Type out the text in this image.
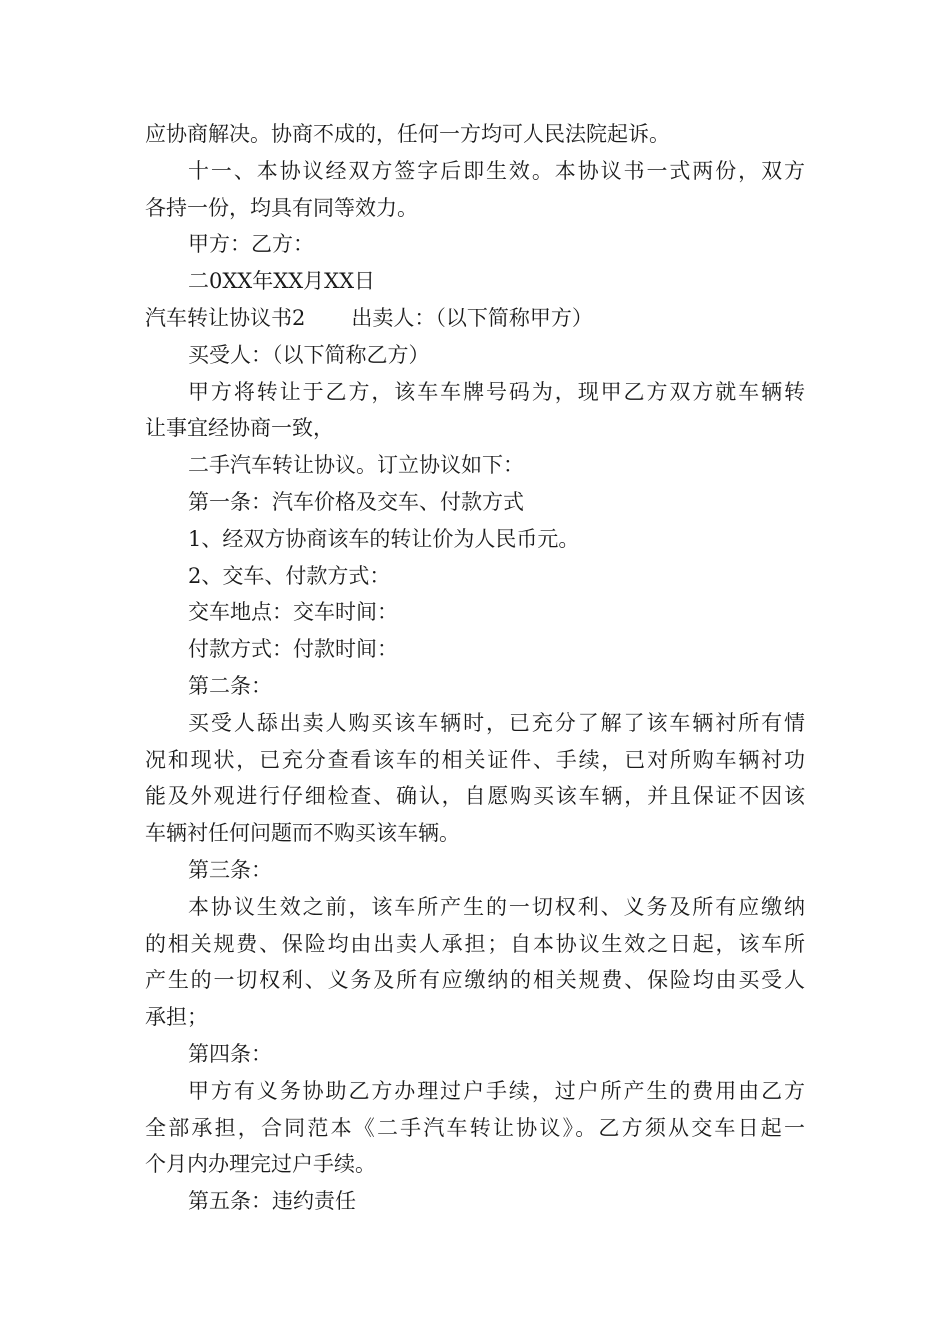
应协商解决。协商不成的，任何一方均可人民法院起诉。
十一、本协议经双方签字后即生效。本协议书一式两份，双方
各持一份，均具有同等效力。
甲方：乙方：
二0XX年XX月XX日
汽车转让协议书2 出卖人：（以下简称甲方）
买受人：（以下简称乙方）
甲方将转让于乙方，该车车牌号码为，现甲乙方双方就车辆转
让事宜经协商一致，
二手汽车转让协议。订立协议如下：
第一条：汽车价格及交车、付款方式
1、经双方协商该车的转让价为人民币元。
2、交车、付款方式：
交车地点：交车时间：
付款方式：付款时间：
第二条：
买受人舔出卖人购买该车辆时，已充分了解了该车辆衬所有情
况和现状，已充分查看该车的相关证件、手续，已对所购车辆衬功
能及外观进行仔细检查、确认，自愿购买该车辆，并且保证不因该
车辆衬任何问题而不购买该车辆。
第三条：
本协议生效之前，该车所产生的一切权利、义务及所有应缴纳
的相关规费、保险均由出卖人承担；自本协议生效之日起，该车所
产生的一切权利、义务及所有应缴纳的相关规费、保险均由买受人
承担；
第四条：
甲方有义务协助乙方办理过户手续，过户所产生的费用由乙方
全部承担，合同范本《二手汽车转让协议》。乙方须从交车日起一
个月内办理完过户手续。
第五条：违约责任
